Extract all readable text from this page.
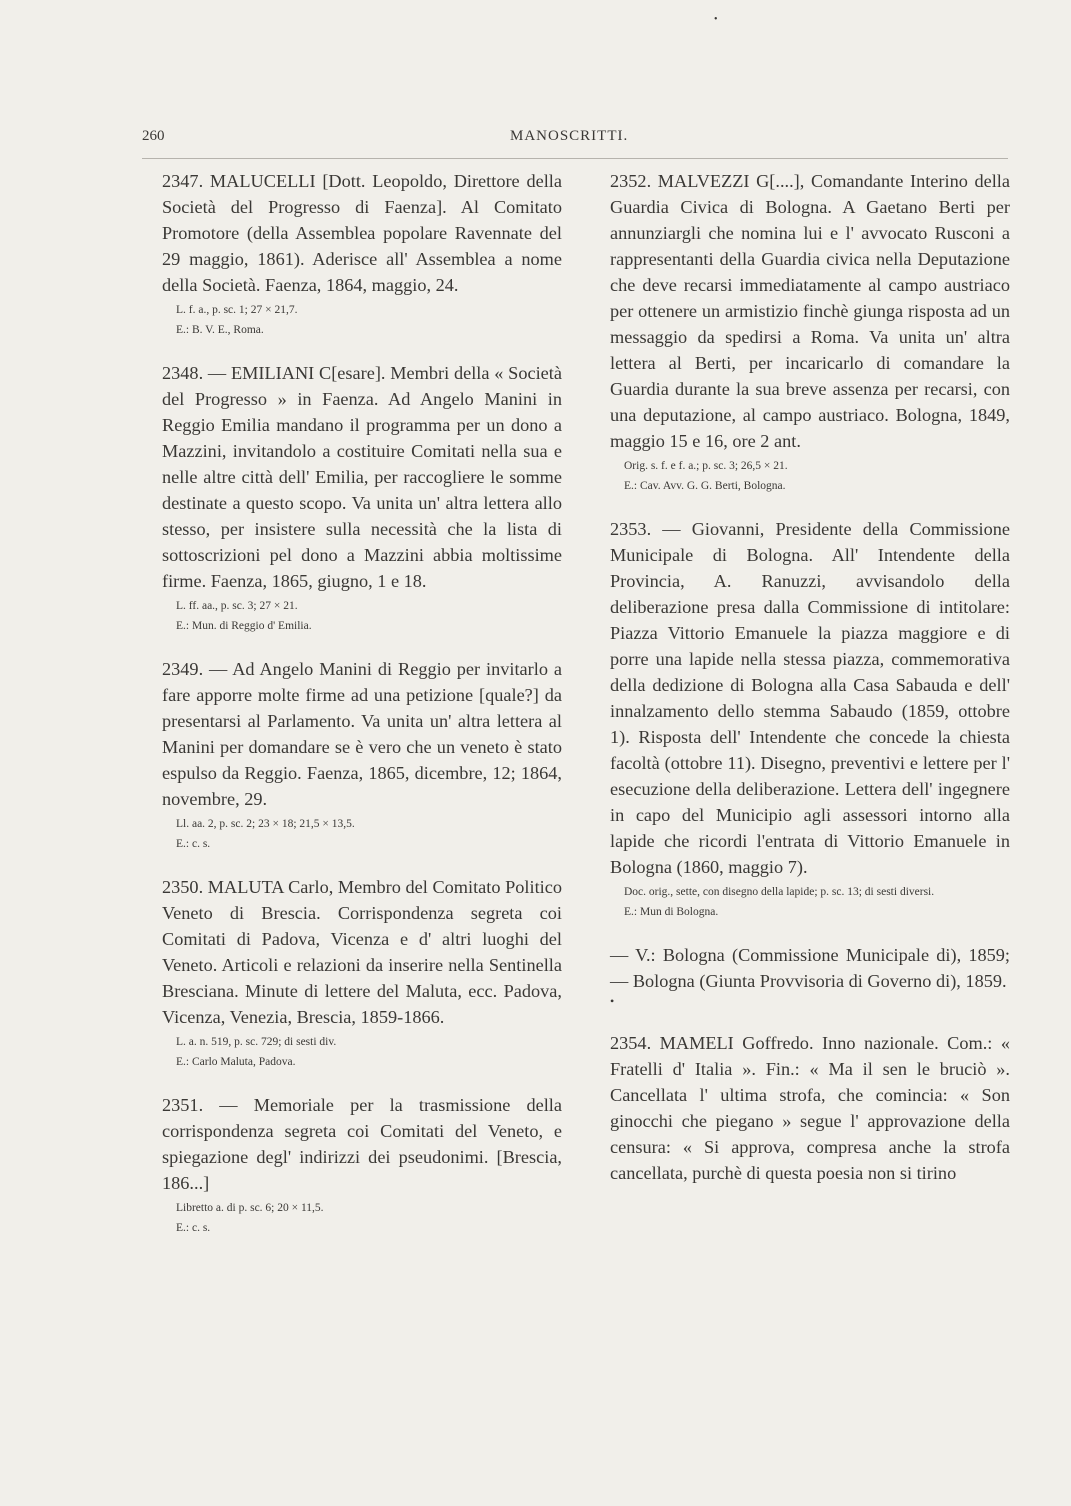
•
260	MANOSCRITTI.
2347. MALUCELLI [Dott. Leopoldo, Direttore della Società del Progresso di Faenza]. Al Comitato Promotore (della Assemblea popolare Ravennate del 29 maggio, 1861). Aderisce all' Assemblea a nome della Società. Faenza, 1864, maggio, 24.
L. f. a., p. sc. 1; 27 × 21,7.
E.: B. V. E., Roma.
2348. — EMILIANI C[esare]. Membri della « Società del Progresso » in Faenza. Ad Angelo Manini in Reggio Emilia mandano il programma per un dono a Mazzini, invitandolo a costituire Comitati nella sua e nelle altre città dell' Emilia, per raccogliere le somme destinate a questo scopo. Va unita un' altra lettera allo stesso, per insistere sulla necessità che la lista di sottoscrizioni pel dono a Mazzini abbia moltissime firme. Faenza, 1865, giugno, 1 e 18.
L. ff. aa., p. sc. 3; 27 × 21.
E.: Mun. di Reggio d' Emilia.
2349. — Ad Angelo Manini di Reggio per invitarlo a fare apporre molte firme ad una petizione [quale?] da presentarsi al Parlamento. Va unita un' altra lettera al Manini per domandare se è vero che un veneto è stato espulso da Reggio. Faenza, 1865, dicembre, 12; 1864, novembre, 29.
Ll. aa. 2, p. sc. 2; 23 × 18; 21,5 × 13,5.
E.: c. s.
2350. MALUTA Carlo, Membro del Comitato Politico Veneto di Brescia. Corrispondenza segreta coi Comitati di Padova, Vicenza e d' altri luoghi del Veneto. Articoli e relazioni da inserire nella Sentinella Bresciana. Minute di lettere del Maluta, ecc. Padova, Vicenza, Venezia, Brescia, 1859-1866.
L. a. n. 519, p. sc. 729; di sesti div.
E.: Carlo Maluta, Padova.
2351. — Memoriale per la trasmissione della corrispondenza segreta coi Comitati del Veneto, e spiegazione degl' indirizzi dei pseudonimi. [Brescia, 186...]
Libretto a. di p. sc. 6; 20 × 11,5.
E.: c. s.
2352. MALVEZZI G[....], Comandante Interino della Guardia Civica di Bologna. A Gaetano Berti per annunziargli che nomina lui e l' avvocato Rusconi a rappresentanti della Guardia civica nella Deputazione che deve recarsi immediatamente al campo austriaco per ottenere un armistizio finchè giunga risposta ad un messaggio da spedirsi a Roma. Va unita un' altra lettera al Berti, per incaricarlo di comandare la Guardia durante la sua breve assenza per recarsi, con una deputazione, al campo austriaco. Bologna, 1849, maggio 15 e 16, ore 2 ant.
Orig. s. f. e f. a.; p. sc. 3; 26,5 × 21.
E.: Cav. Avv. G. G. Berti, Bologna.
2353. — Giovanni, Presidente della Commissione Municipale di Bologna. All' Intendente della Provincia, A. Ranuzzi, avvisandolo della deliberazione presa dalla Commissione di intitolare: Piazza Vittorio Emanuele la piazza maggiore e di porre una lapide nella stessa piazza, commemorativa della dedizione di Bologna alla Casa Sabauda e dell' innalzamento dello stemma Sabaudo (1859, ottobre 1). Risposta dell' Intendente che concede la chiesta facoltà (ottobre 11). Disegno, preventivi e lettere per l' esecuzione della deliberazione. Lettera dell' ingegnere in capo del Municipio agli assessori intorno alla lapide che ricordi l'entrata di Vittorio Emanuele in Bologna (1860, maggio 7).
Doc. orig., sette, con disegno della lapide; p. sc. 13; di sesti diversi.
E.: Mun di Bologna.
— V.: Bologna (Commissione Municipale di), 1859; — Bologna (Giunta Provvisoria di Governo di), 1859.
•
2354. MAMELI Goffredo. Inno nazionale. Com.: « Fratelli d' Italia ». Fin.: « Ma il sen le bruciò ». Cancellata l' ultima strofa, che comincia: « Son ginocchi che piegano » segue l' approvazione della censura: « Si approva, compresa anche la strofa cancellata, purchè di questa poesia non si tirino
